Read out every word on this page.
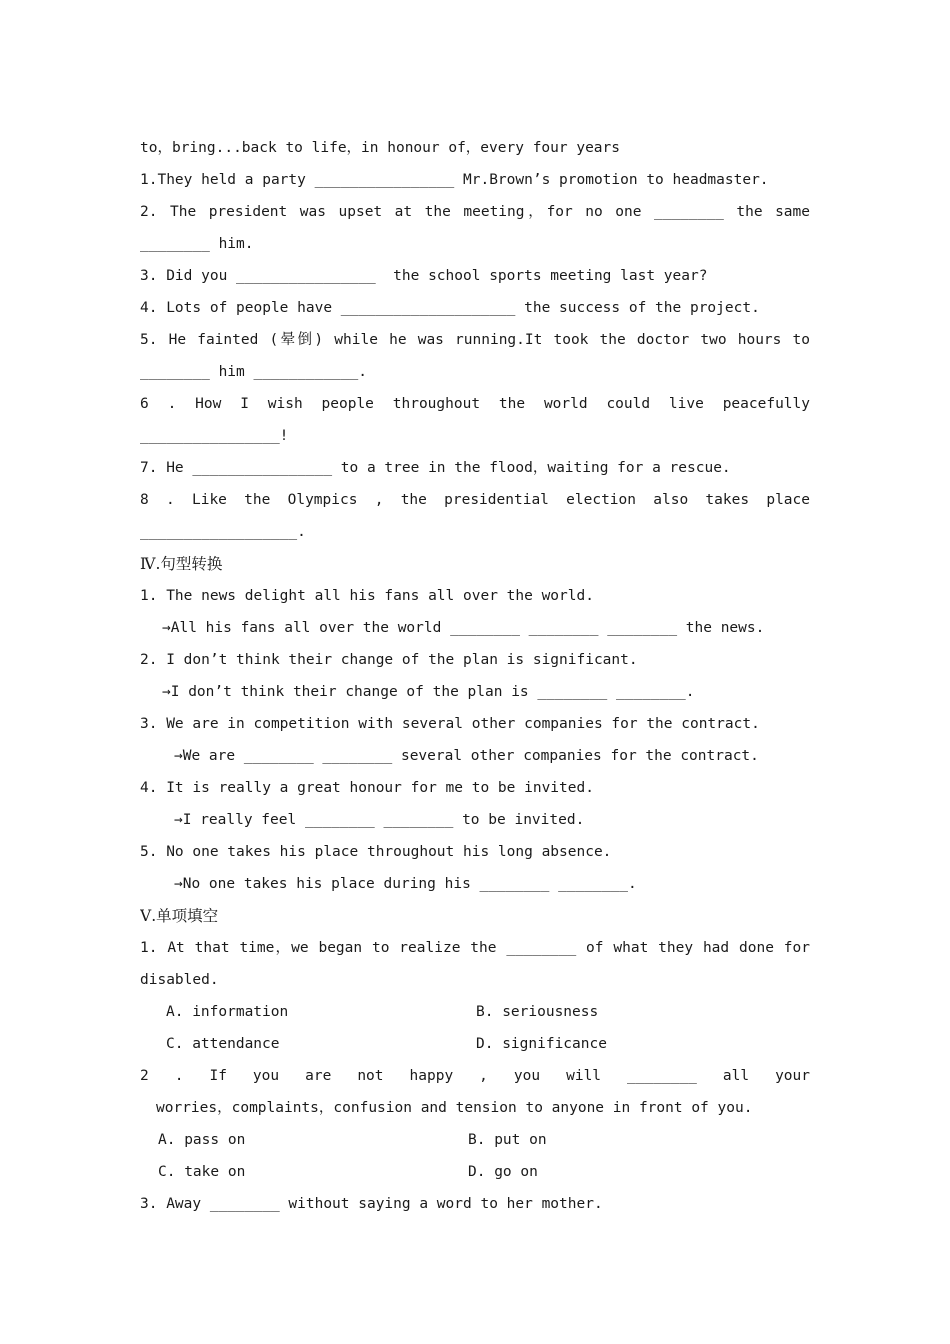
to，bring...back to life，in honour of，every four years
1.They held a party ________________ Mr.Brown’s promotion to headmaster.
2. The president was upset at the meeting，for no one ________ the same
________ him.
3. Did you ________________  the school sports meeting last year?
4. Lots of people have ____________________ the success of the project.
5. He fainted (晕倒) while he was running.It took the doctor two hours to
________ him ____________.
6 . How I wish people throughout the world could live peacefully
________________!
7. He ________________ to a tree in the flood，waiting for a rescue.
8 . Like the Olympics , the presidential election also takes place
__________________.
Ⅳ.句型转换
1. The news delight all his fans all over the world.
→All his fans all over the world ________ ________ ________ the news.
2. I don’t think their change of the plan is significant.
→I don’t think their change of the plan is ________ ________.
3. We are in competition with several other companies for the contract.
→We are ________ ________ several other companies for the contract.
4. It is really a great honour for me to be invited.
→I really feel ________ ________ to be invited.
5. No one takes his place throughout his long absence.
→No one takes his place during his ________ ________.
Ⅴ.单项填空
1. At that time，we began to realize the ________ of what they had done for
disabled.
A. information	B. seriousness
C. attendance	D. significance
2 . If you are not happy , you will ________ all your
worries，complaints，confusion and tension to anyone in front of you.
A. pass on	B. put on
C. take on	D. go on
3. Away ________ without saying a word to her mother.
